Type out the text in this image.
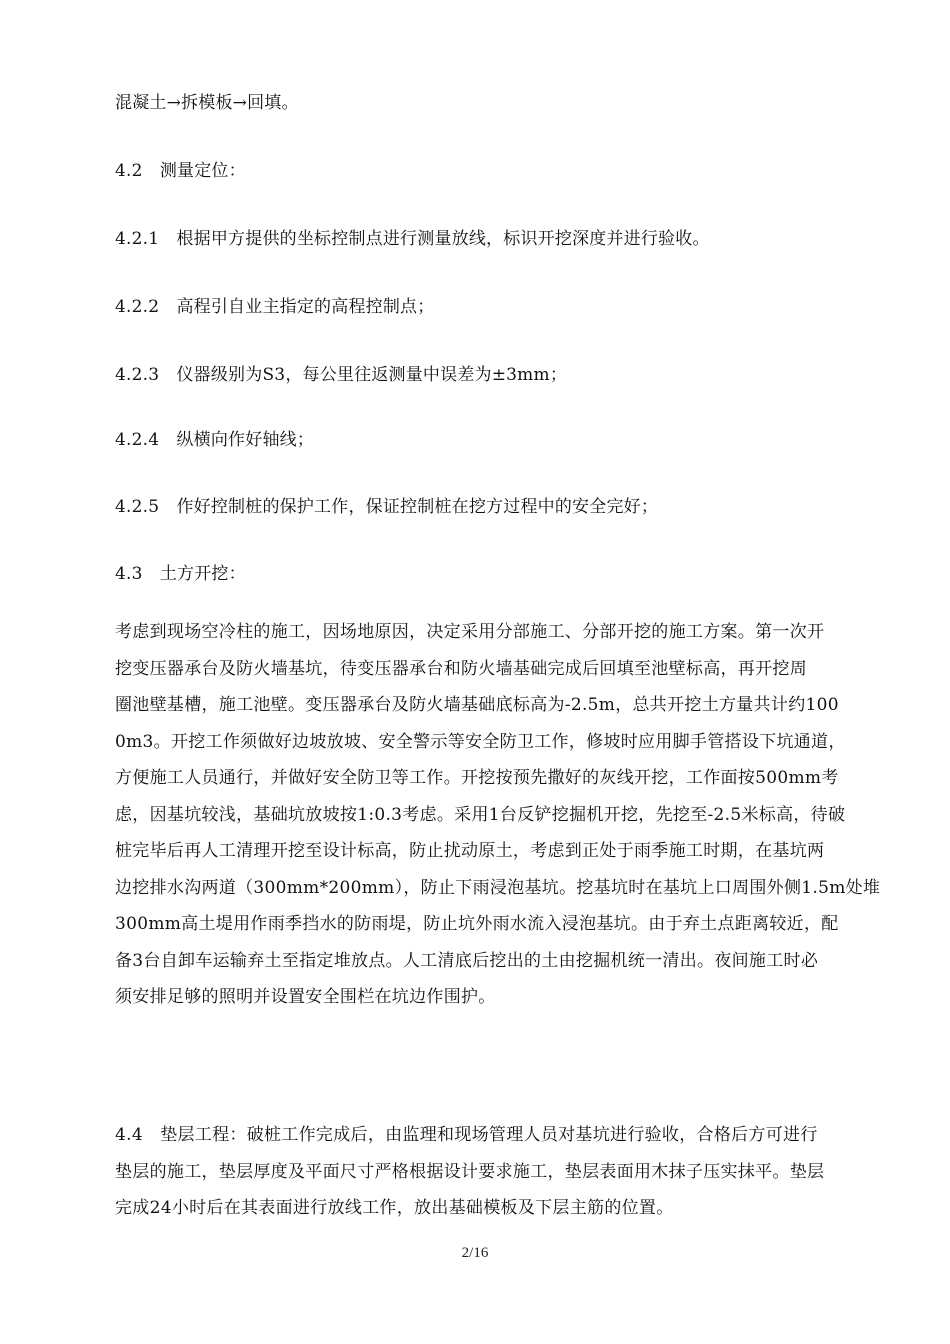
混凝土→拆模板→回填。
4.2　测量定位：
4.2.1　根据甲方提供的坐标控制点进行测量放线，标识开挖深度并进行验收。
4.2.2　高程引自业主指定的高程控制点；
4.2.3　仪器级别为S3，每公里往返测量中误差为±3mm；
4.2.4　纵横向作好轴线；
4.2.5　作好控制桩的保护工作，保证控制桩在挖方过程中的安全完好；
4.3　土方开挖：

考虑到现场空冷柱的施工，因场地原因，决定采用分部施工、分部开挖的施工方案。第一次开

挖变压器承台及防火墙基坑，待变压器承台和防火墙基础完成后回填至池壁标高，再开挖周

圈池壁基槽，施工池壁。变压器承台及防火墙基础底标高为-2.5m，总共开挖土方量共计约100

0m3。开挖工作须做好边坡放坡、安全警示等安全防卫工作，修坡时应用脚手管搭设下坑通道，

方便施工人员通行，并做好安全防卫等工作。开挖按预先撒好的灰线开挖，工作面按500mm考

虑，因基坑较浅，基础坑放坡按1:0.3考虑。采用1台反铲挖掘机开挖，先挖至-2.5米标高，待破

桩完毕后再人工清理开挖至设计标高，防止扰动原土，考虑到正处于雨季施工时期，在基坑两

边挖排水沟两道（300mm*200mm），防止下雨浸泡基坑。挖基坑时在基坑上口周围外侧1.5m处堆

300mm高土堤用作雨季挡水的防雨堤，防止坑外雨水流入浸泡基坑。由于弃土点距离较近，配

备3台自卸车运输弃土至指定堆放点。人工清底后挖出的土由挖掘机统一清出。夜间施工时必

须安排足够的照明并设置安全围栏在坑边作围护。

4.4　垫层工程：破桩工作完成后，由监理和现场管理人员对基坑进行验收，合格后方可进行

垫层的施工，垫层厚度及平面尺寸严格根据设计要求施工，垫层表面用木抹子压实抹平。垫层

完成24小时后在其表面进行放线工作，放出基础模板及下层主筋的位置。

2/16
